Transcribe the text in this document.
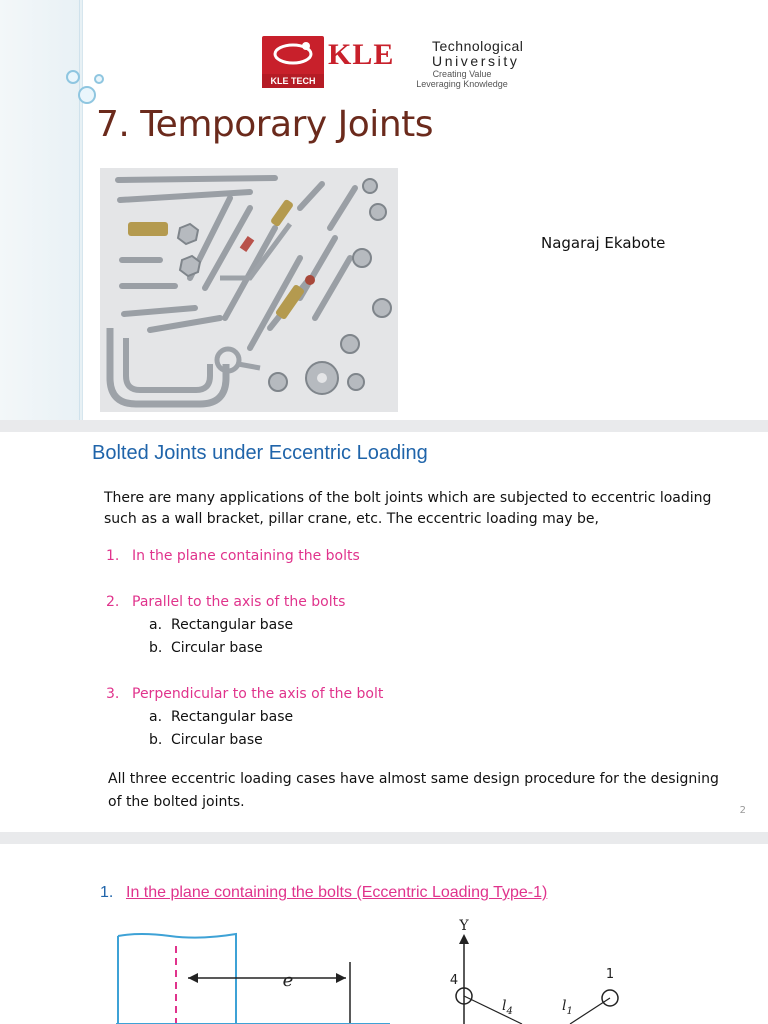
KLE TECH
KLE	Technological
University
Creating Value
Leveraging Knowledge
7. Temporary Joints
Nagaraj Ekabote
Bolted Joints under Eccentric Loading
There are many applications of the bolt joints which are subjected to eccentric loading such as a wall bracket, pillar crane, etc. The eccentric loading may be,
1. In the plane containing the bolts
2. Parallel to the axis of the bolts
a. Rectangular base
b. Circular base
3. Perpendicular to the axis of the bolt
a. Rectangular base
b. Circular base
All three eccentric loading cases have almost same design procedure for the designing of the bolted joints.
2
1. In the plane containing the bolts (Eccentric Loading Type-1)
e
Y
4	1
$l_4$	$l_1$
